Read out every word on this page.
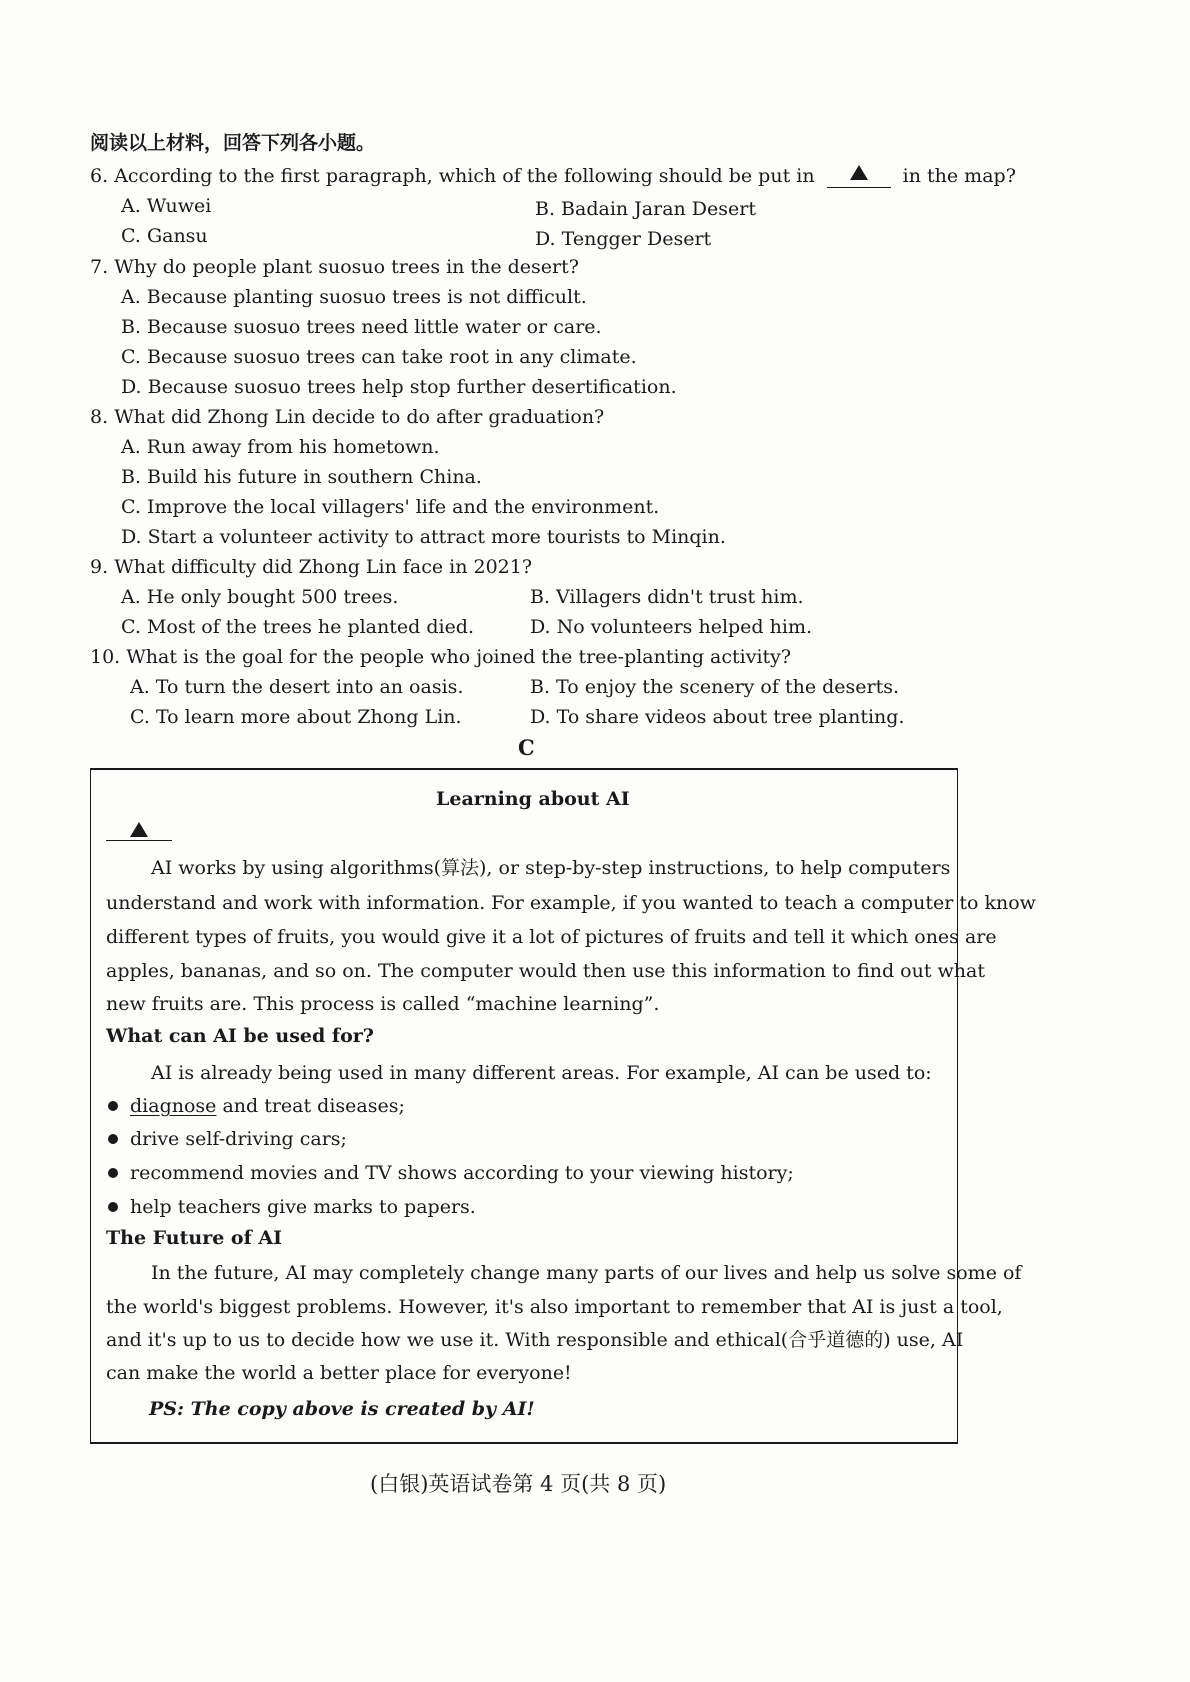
阅读以上材料，回答下列各小题。
6. According to the first paragraph, which of the following should be put in	in the map?
A. Wuwei	B. Badain Jaran Desert
C. Gansu	D. Tengger Desert
7. Why do people plant suosuo trees in the desert?
A. Because planting suosuo trees is not difficult.
B. Because suosuo trees need little water or care.
C. Because suosuo trees can take root in any climate.
D. Because suosuo trees help stop further desertification.
8. What did Zhong Lin decide to do after graduation?
A. Run away from his hometown.
B. Build his future in southern China.
C. Improve the local villagers' life and the environment.
D. Start a volunteer activity to attract more tourists to Minqin.
9. What difficulty did Zhong Lin face in 2021?
A. He only bought 500 trees.	B. Villagers didn't trust him.
C. Most of the trees he planted died.	D. No volunteers helped him.
10. What is the goal for the people who joined the tree-planting activity?
A. To turn the desert into an oasis.	B. To enjoy the scenery of the deserts.
C. To learn more about Zhong Lin.	D. To share videos about tree planting.
C
Learning about AI
AI works by using algorithms(算法), or step-by-step instructions, to help computers
understand and work with information. For example, if you wanted to teach a computer to know
different types of fruits, you would give it a lot of pictures of fruits and tell it which ones are
apples, bananas, and so on. The computer would then use this information to find out what
new fruits are. This process is called “machine learning”.
What can AI be used for?
AI is already being used in many different areas. For example, AI can be used to:
diagnose and treat diseases;
drive self-driving cars;
recommend movies and TV shows according to your viewing history;
help teachers give marks to papers.
The Future of AI
In the future, AI may completely change many parts of our lives and help us solve some of
the world's biggest problems. However, it's also important to remember that AI is just a tool,
and it's up to us to decide how we use it. With responsible and ethical(合乎道德的) use, AI
can make the world a better place for everyone!
PS: The copy above is created by AI!
(白银)英语试卷第 4 页(共 8 页)
